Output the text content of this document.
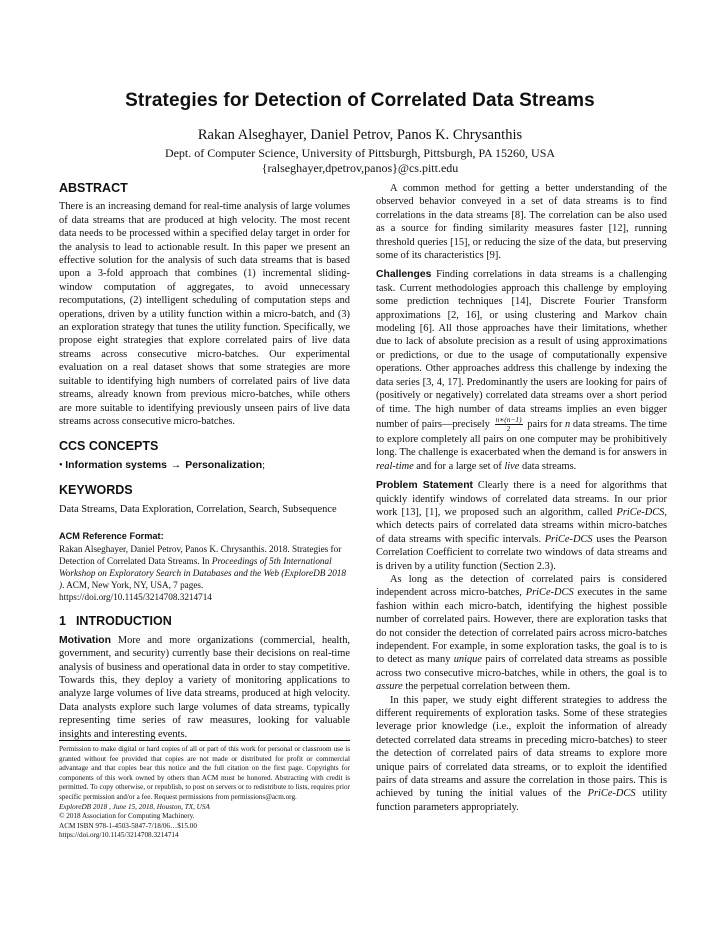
Strategies for Detection of Correlated Data Streams
Rakan Alseghayer, Daniel Petrov, Panos K. Chrysanthis
Dept. of Computer Science, University of Pittsburgh, Pittsburgh, PA 15260, USA
{ralseghayer,dpetrov,panos}@cs.pitt.edu
ABSTRACT

There is an increasing demand for real-time analysis of large volumes of data streams that are produced at high velocity. The most recent data needs to be processed within a specified delay target in order for the analysis to lead to actionable result. In this paper we present an effective solution for the analysis of such data streams that is based upon a 3-fold approach that combines (1) incremental sliding-window computation of aggregates, to avoid unnecessary recomputations, (2) intelligent scheduling of computation steps and operations, driven by a utility function within a micro-batch, and (3) an exploration strategy that tunes the utility function. Specifically, we propose eight strategies that explore correlated pairs of live data streams across consecutive micro-batches. Our experimental evaluation on a real dataset shows that some strategies are more suitable to identifying high numbers of correlated pairs of live data streams, already known from previous micro-batches, while others are more suitable to identifying previously unseen pairs of live data streams across consecutive micro-batches.

CCS CONCEPTS

• Information systems → Personalization;

KEYWORDS

Data Streams, Data Exploration, Correlation, Search, Subsequence

ACM Reference Format:

Rakan Alseghayer, Daniel Petrov, Panos K. Chrysanthis. 2018. Strategies for Detection of Correlated Data Streams. In Proceedings of 5th International Workshop on Exploratory Search in Databases and the Web (ExploreDB 2018 ). ACM, New York, NY, USA, 7 pages. https://doi.org/10.1145/3214708.3214714

1 INTRODUCTION

Motivation More and more organizations (commercial, health, government, and security) currently base their decisions on real-time analysis of business and operational data in order to stay competitive. Towards this, they deploy a variety of monitoring applications to analyze large volumes of live data streams, produced at high velocity. Data analysts explore such large volumes of data streams, typically representing time series of raw measures, looking for valuable insights and interesting events.

Permission to make digital or hard copies of all or part of this work for personal or classroom use is granted without fee provided that copies are not made or distributed for profit or commercial advantage and that copies bear this notice and the full citation on the first page. Copyrights for components of this work owned by others than ACM must be honored. Abstracting with credit is permitted. To copy otherwise, or republish, to post on servers or to redistribute to lists, requires prior specific permission and/or a fee. Request permissions from permissions@acm.org.
ExploreDB 2018 , June 15, 2018, Houston, TX, USA
© 2018 Association for Computing Machinery.
ACM ISBN 978-1-4503-5847-7/18/06…$15.00
https://doi.org/10.1145/3214708.3214714

A common method for getting a better understanding of the observed behavior conveyed in a set of data streams is to find correlations in the data streams [8]. The correlation can be also used as a source for finding similarity measures faster [12], running threshold queries [15], or reducing the size of the data, but preserving some of its characteristics [9].

Challenges Finding correlations in data streams is a challenging task. Current methodologies approach this challenge by employing some prediction techniques [14], Discrete Fourier Transform approximations [2, 16], or using clustering and Markov chain modeling [6]. All those approaches have their limitations, whether due to lack of absolute precision as a result of using approximations or predictions, or due to the usage of computationally expensive operations. Other approaches address this challenge by indexing the data series [3, 4, 17]. Predominantly the users are looking for pairs of (positively or negatively) correlated data streams over a short period of time. The high number of data streams implies an even bigger number of pairs—precisely $\frac{n∗(n-1)}{2}$ pairs for n data streams. The time to explore completely all pairs on one computer may be prohibitively long. The challenge is exacerbated when the demand is for answers in real-time and for a large set of live data streams.

Problem Statement Clearly there is a need for algorithms that quickly identify windows of correlated data streams. In our prior work [13], [1], we proposed such an algorithm, called PriCe-DCS, which detects pairs of correlated data streams within micro-batches of data streams with specific intervals. PriCe-DCS uses the Pearson Correlation Coefficient to correlate two windows of data streams and is driven by a utility function (Section 2.3).

As long as the detection of correlated pairs is considered independent across micro-batches, PriCe-DCS executes in the same fashion within each micro-batch, identifying the highest possible number of correlated pairs. However, there are exploration tasks that do not consider the detection of correlated pairs across micro-batches independent. For example, in some exploration tasks, the goal is to is to detect as many unique pairs of correlated data streams as possible across two consecutive micro-batches, while in others, the goal is to assure the perpetual correlation between them.

In this paper, we study eight different strategies to address the different requirements of exploration tasks. Some of these strategies leverage prior knowledge (i.e., exploit the information of already detected correlated data streams in preceding micro-batches) to steer the detection of correlated pairs of data streams to explore more unique pairs of correlated data streams, or to exploit the identified pairs of data streams and assure the correlation in those pairs. This is achieved by tuning the initial values of the PriCe-DCS utility function parameters appropriately.
